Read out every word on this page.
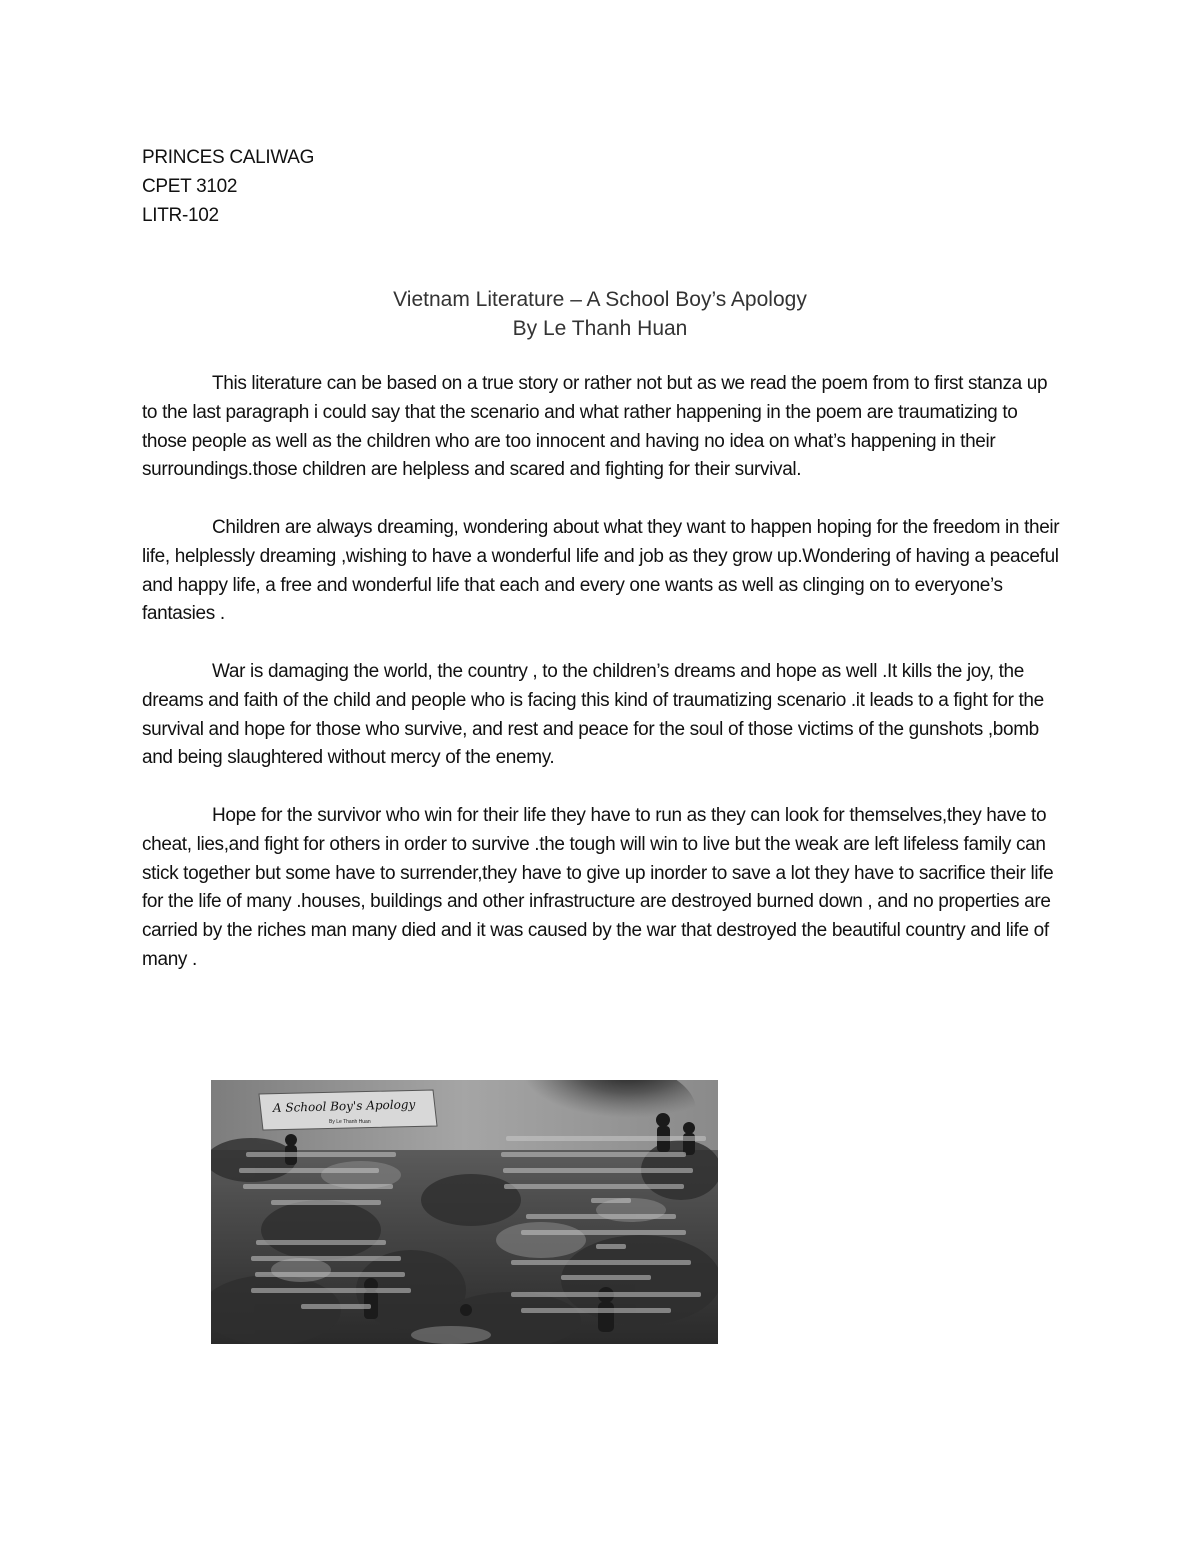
PRINCES CALIWAG
CPET 3102
LITR-102
Vietnam Literature – A School Boy’s Apology
By Le Thanh Huan

This literature can be based on a true story or rather not but as we read the poem from to first stanza up to the last paragraph i could say that the scenario and what rather happening in the poem are traumatizing to those people as well as the children who are too innocent and having no idea on what’s happening in their surroundings.those children are helpless and scared and fighting for their survival.

Children are always dreaming, wondering about what they want to happen hoping for the freedom in their life, helplessly dreaming ,wishing to have a wonderful life and job as they grow up.Wondering of having a peaceful and happy life, a free and wonderful life that each and every one wants as well as clinging on to everyone’s fantasies .

War is damaging the world, the country , to the children’s dreams and hope as well .It kills the joy, the dreams and faith of the child and people who is facing this kind of traumatizing scenario .it leads to a fight for the survival and hope for those who survive, and rest and peace for the soul of those victims of the gunshots ,bomb and being slaughtered without mercy of the enemy.

Hope for the survivor who win for their life they have to run as they can look for themselves,they have to cheat, lies,and fight for others in order to survive .the tough will win to live but the weak are left lifeless family can stick together but some have to surrender,they have to give up inorder to save a lot they have to sacrifice their life for the life of many .houses, buildings and other infrastructure are destroyed burned down , and no properties are carried by the riches man many died and it was caused by the war that destroyed the beautiful country and life of many .

A School Boy's Apology
By Le Thanh Huan
